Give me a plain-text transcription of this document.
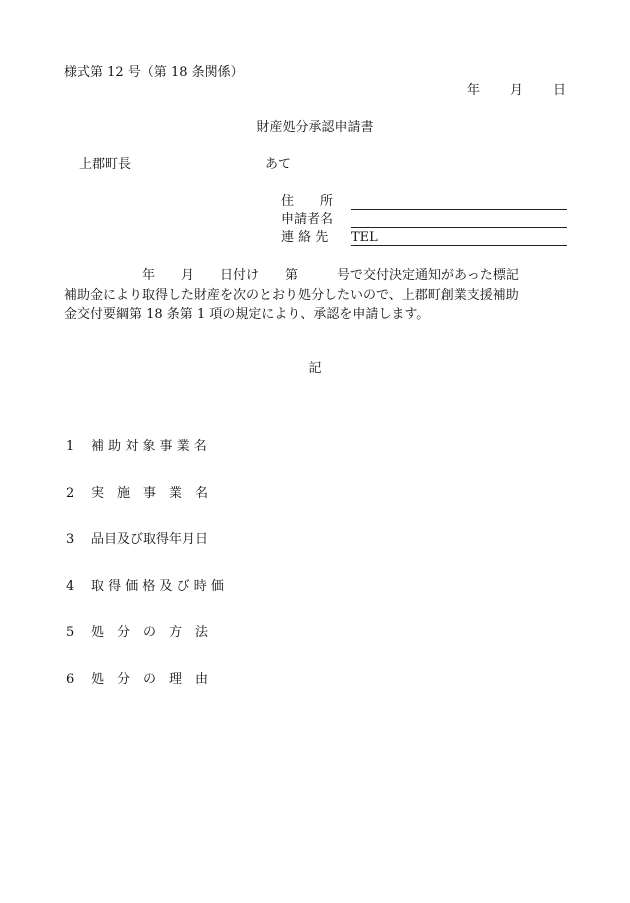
様式第 12 号（第 18 条関係）
年 月 日
財産処分承認申請書
上郡町長	あて
住　　所
申請者名
連 絡 先 TEL
　　　　　　年　　月　　日付け　　第　　　号で交付決定通知があった標記
補助金により取得した財産を次のとおり処分したいので、上郡町創業支援補助
金交付要綱第 18 条第 1 項の規定により、承認を申請します。
記
1 補 助 対 象 事 業 名
2 実　施　事　業　名
3 品目及び取得年月日
4 取 得 価 格 及 び 時 価
5 処　分　の　方　法
6 処　分　の　理　由
